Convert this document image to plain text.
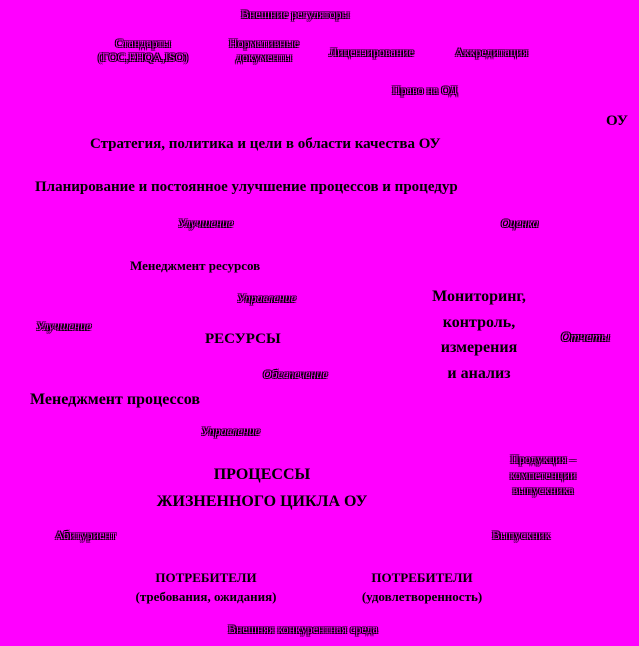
Внешние регуляторы
Стандарты
(ГОС,ЕНQA,ISO)
Нормативные
документы	Лицензирование	Аккредитация
Право на ОД
ОУ
Стратегия, политика и цели в области качества ОУ
Планирование и постоянное улучшение процессов и процедур
Улучшение	Оценка
Менеджмент ресурсов
Управление	Мониторинг,
контроль,
измерения
и анализ
Улучшение
РЕСУРСЫ	Отчеты
Обеспечение
Менеджмент процессов
Управление
ПРОЦЕССЫ
ЖИЗНЕННОГО ЦИКЛА ОУ
Продукция –
компетенции
выпускника
Абитуриент	Выпускник
ПОТРЕБИТЕЛИ
(требования, ожидания)
ПОТРЕБИТЕЛИ
(удовлетворенность)
Внешняя конкурентная среда
